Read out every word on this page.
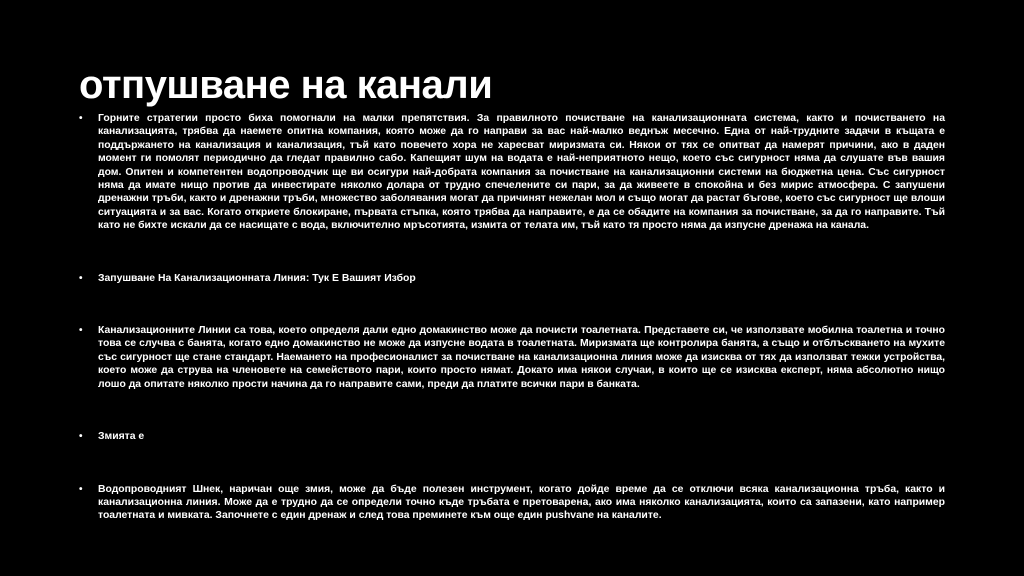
отпушване на канали
• Горните стратегии просто биха помогнали на малки препятствия. За правилното почистване на канализационната система, както и почистването на канализацията, трябва да наемете опитна компания, която може да го направи за вас най-малко веднъж месечно. Една от най-трудните задачи в къщата е поддържането на канализация и канализация, тъй като повечето хора не харесват миризмата си. Някои от тях се опитват да намерят причини, ако в даден момент ги помолят периодично да гледат правилно сабо. Капещият шум на водата е най-неприятното нещо, което със сигурност няма да слушате във вашия дом. Опитен и компетентен водопроводчик ще ви осигури най-добрата компания за почистване на канализационни системи на бюджетна цена. Със сигурност няма да имате нищо против да инвестирате няколко долара от трудно спечелените си пари, за да живеете в спокойна и без мирис атмосфера. С запушени дренажни тръби, както и дренажни тръби, множество заболявания могат да причинят нежелан мол и също могат да растат бъгове, което със сигурност ще влоши ситуацията и за вас. Когато откриете блокиране, първата стъпка, която трябва да направите, е да се обадите на компания за почистване, за да го направите. Тъй като не бихте искали да се насищате с вода, включително мръсотията, измита от телата им, тъй като тя просто няма да изпусне дренажа на канала.
• Запушване На Канализационната Линия: Тук Е Вашият Избор
• Канализационните Линии са това, което определя дали едно домакинство може да почисти тоалетната. Представете си, че използвате мобилна тоалетна и точно това се случва с банята, когато едно домакинство не може да изпусне водата в тоалетната. Миризмата ще контролира банята, а също и отблъскването на мухите със сигурност ще стане стандарт. Наемането на професионалист за почистване на канализационна линия може да изисква от тях да използват тежки устройства, което може да струва на членовете на семейството пари, които просто нямат. Докато има някои случаи, в които ще се изисква експерт, няма абсолютно нищо лошо да опитате няколко прости начина да го направите сами, преди да платите всички пари в банката.
• Змията е
• Водопроводният Шнек, наричан още змия, може да бъде полезен инструмент, когато дойде време да се отключи всяка канализационна тръба, както и канализационна линия. Може да е трудно да се определи точно къде тръбата е претоварена, ако има няколко канализацията, които са запазени, като например тоалетната и мивката. Започнете с един дренаж и след това преминете към още един pushvane на каналите.
